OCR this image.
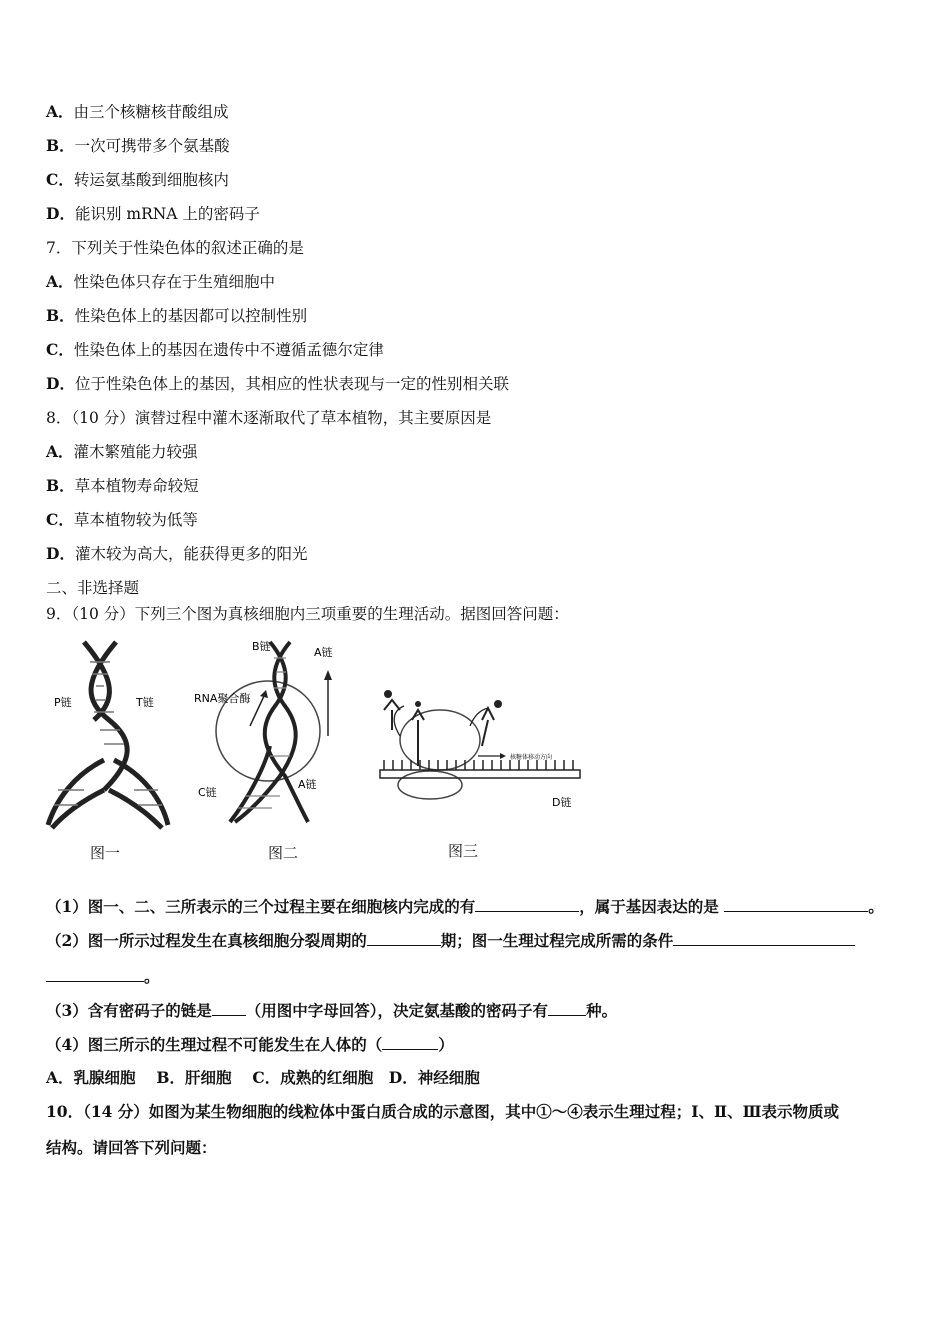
A．由三个核糖核苷酸组成
B．一次可携带多个氨基酸
C．转运氨基酸到细胞核内
D．能识别 mRNA 上的密码子
7．下列关于性染色体的叙述正确的是
A．性染色体只存在于生殖细胞中
B．性染色体上的基因都可以控制性别
C．性染色体上的基因在遗传中不遵循孟德尔定律
D．位于性染色体上的基因，其相应的性状表现与一定的性别相关联
8．（10 分）演替过程中灌木逐渐取代了草本植物，其主要原因是
A．灌木繁殖能力较强
B．草本植物寿命较短
C．草本植物较为低等
D．灌木较为高大，能获得更多的阳光
二、非选择题
9．（10 分）下列三个图为真核细胞内三项重要的生理活动。据图回答问题：
P链	T链
图一
B链	A链
RNA聚合酶
C链
A链
图二
核糖体移动方向
D链
图三
（1）图一、二、三所表示的三个过程主要在细胞核内完成的有	，属于基因表达的是	。
（2）图一所示过程发生在真核细胞分裂周期的	期；图一生理过程完成所需的条件
。
（3）含有密码子的链是 （用图中字母回答），决定氨基酸的密码子有 种。
（4）图三所示的生理过程不可能发生在人体的（	）
A．乳腺细胞　 B．肝细胞　 C．成熟的红细胞　D．神经细胞
10．（14 分）如图为某生物细胞的线粒体中蛋白质合成的示意图，其中①～④表示生理过程；Ⅰ、Ⅱ、Ⅲ表示物质或
结构。请回答下列问题：
